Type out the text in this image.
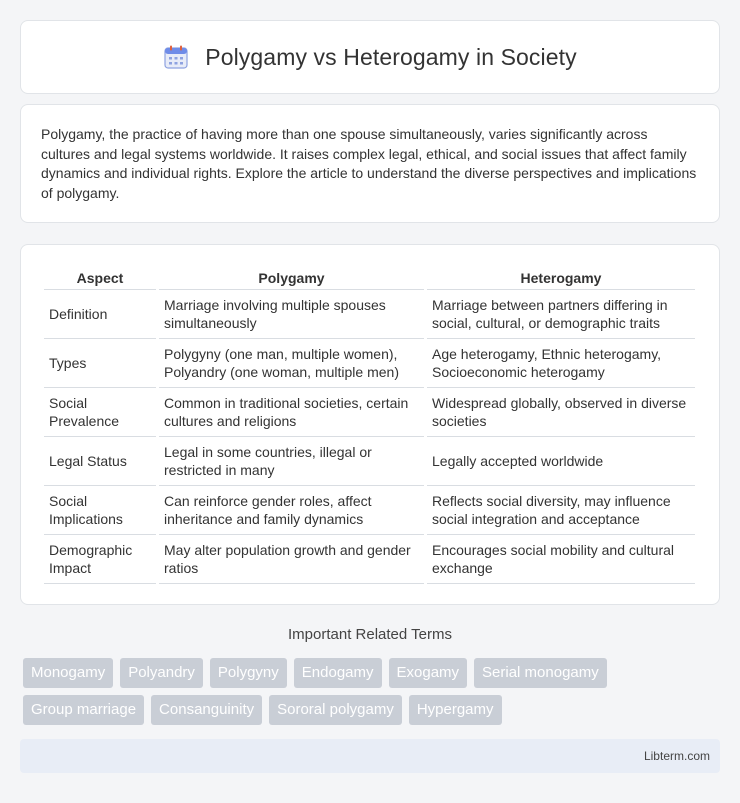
Polygamy vs Heterogamy in Society

Polygamy, the practice of having more than one spouse simultaneously, varies significantly across cultures and legal systems worldwide. It raises complex legal, ethical, and social issues that affect family dynamics and individual rights. Explore the article to understand the diverse perspectives and implications of polygamy.

Aspect	Polygamy	Heterogamy
Definition	Marriage involving multiple spouses simultaneously	Marriage between partners differing in social, cultural, or demographic traits
Types	Polygyny (one man, multiple women), Polyandry (one woman, multiple men)	Age heterogamy, Ethnic heterogamy, Socioeconomic heterogamy
Social Prevalence	Common in traditional societies, certain cultures and religions	Widespread globally, observed in diverse societies
Legal Status	Legal in some countries, illegal or restricted in many	Legally accepted worldwide
Social Implications	Can reinforce gender roles, affect inheritance and family dynamics	Reflects social diversity, may influence social integration and acceptance
Demographic Impact	May alter population growth and gender ratios	Encourages social mobility and cultural exchange
Important Related Terms
Monogamy	Polyandry	Polygyny	Endogamy	Exogamy	Serial monogamy
Group marriage	Consanguinity	Sororal polygamy	Hypergamy
Libterm.com
